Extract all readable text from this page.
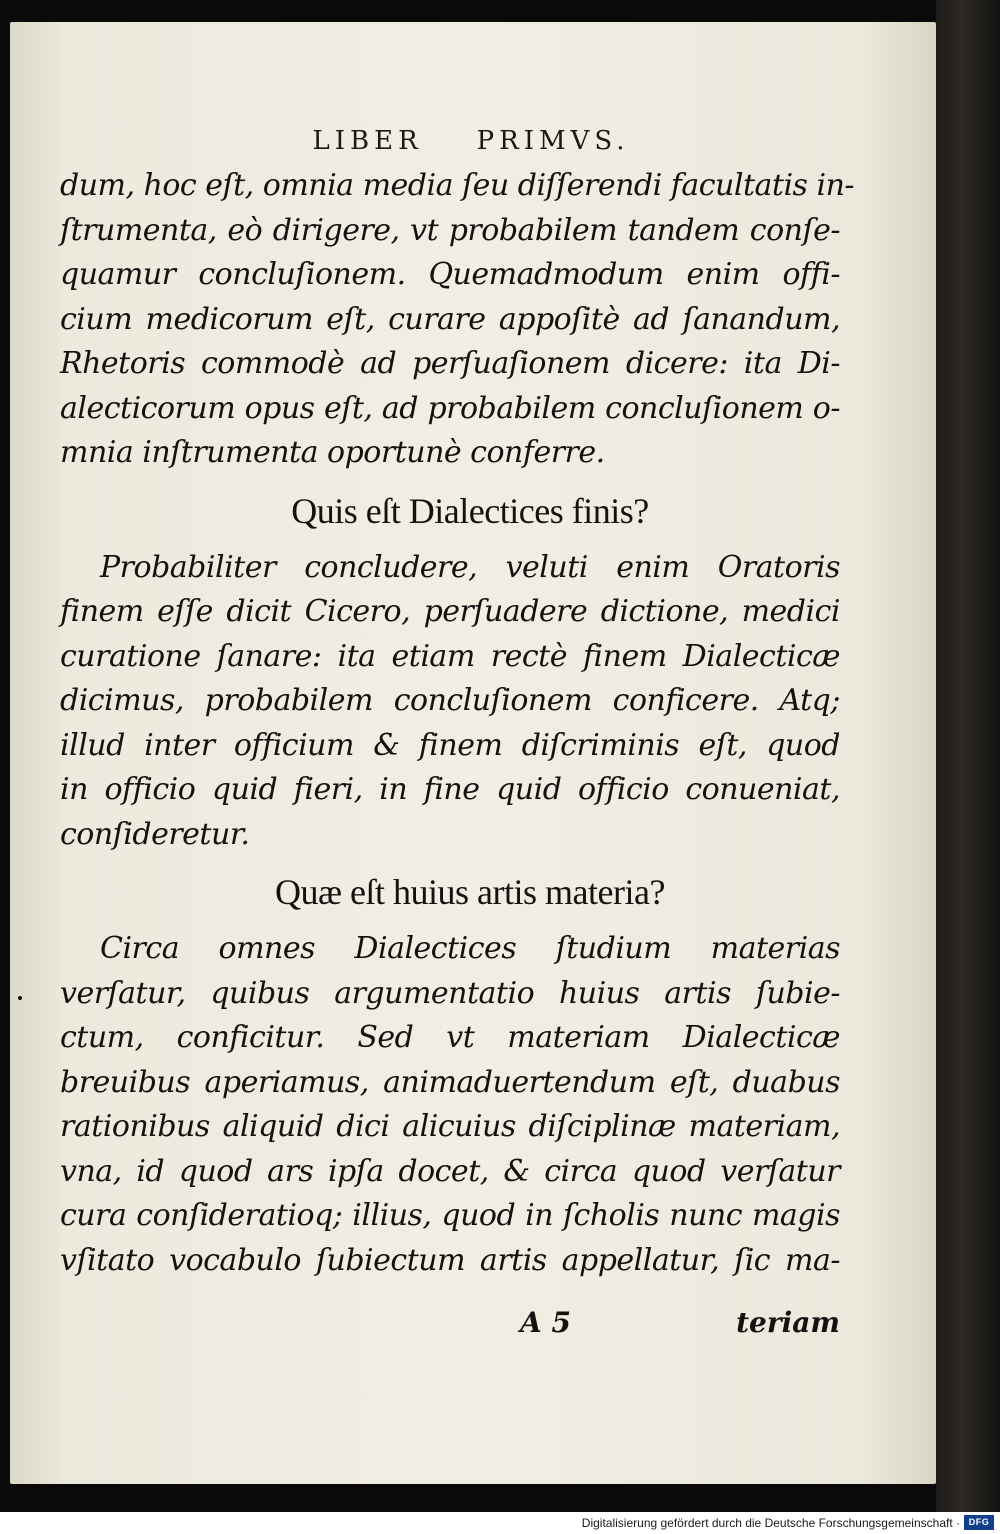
LIBER PRIMVS.
dum, hoc eſt, omnia media ſeu diſſerendi facultatis in-
ſtrumenta, eò dirigere, vt probabilem tandem conſe-
quamur concluſionem. Quemadmodum enim offi-
cium medicorum eſt, curare appoſitè ad ſanandum,
Rhetoris commodè ad perſuaſionem dicere: ita Di-
alecticorum opus eſt, ad probabilem concluſionem o-
mnia inſtrumenta oportunè conferre.
Quis eſt Dialectices finis?
Probabiliter concludere, veluti enim Oratoris
finem eſſe dicit Cicero, perſuadere dictione, medici
curatione ſanare: ita etiam rectè finem Dialecticæ
dicimus, probabilem concluſionem conficere. Atq;
illud inter officium & finem diſcriminis eſt, quod
in officio quid fieri, in fine quid officio conueniat,
conſideretur.
Quæ eſt huius artis materia?
Circa omnes Dialectices ſtudium materias
verſatur, quibus argumentatio huius artis ſubie-
ctum, conficitur. Sed vt materiam Dialecticæ
breuibus aperiamus, animaduertendum eſt, duabus
rationibus aliquid dici alicuius diſciplinæ materiam,
vna, id quod ars ipſa docet, & circa quod verſatur
cura conſideratioq; illius, quod in ſcholis nunc magis
vſitato vocabulo ſubiectum artis appellatur, ſic ma-
A 5	teriam
Digitalisierung gefördert durch die Deutsche Forschungsgemeinschaft · DFG
